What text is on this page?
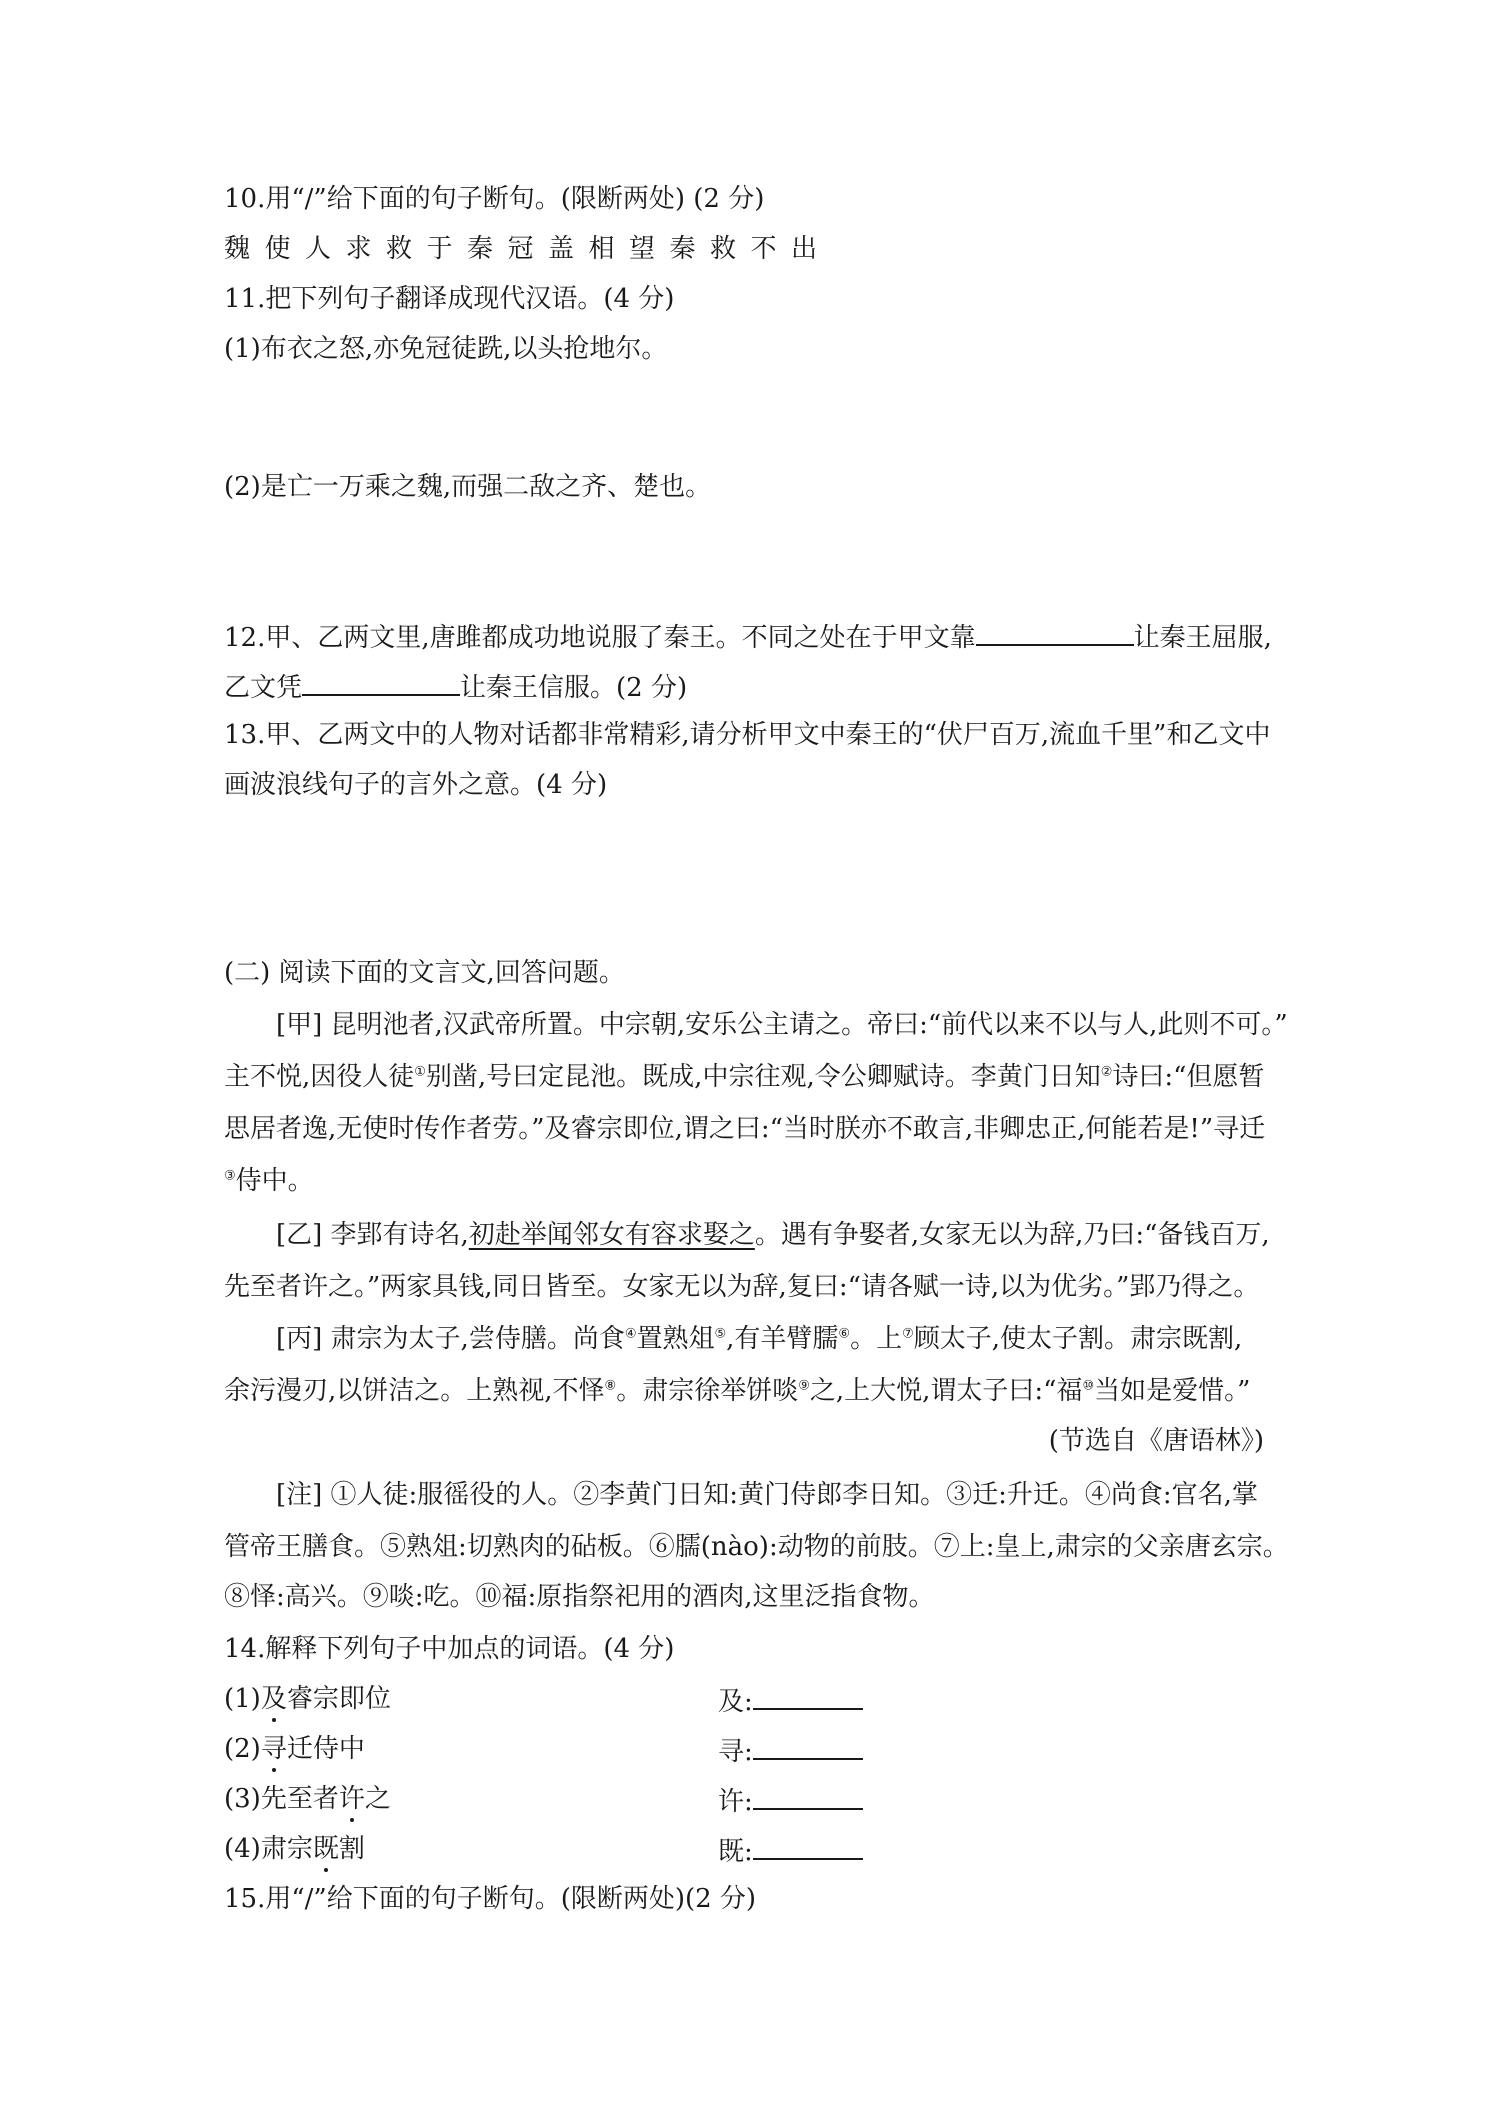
10.用“/”给下面的句子断句。(限断两处) (2 分)
魏使人求救于秦冠盖相望秦救不出
11.把下列句子翻译成现代汉语。(4 分)
(1)布衣之怒,亦免冠徒跣,以头抢地尔。
(2)是亡一万乘之魏,而强二敌之齐、楚也。
12.甲、乙两文里,唐雎都成功地说服了秦王。不同之处在于甲文靠	让秦王屈服,
乙文凭	让秦王信服。(2 分)
13.甲、乙两文中的人物对话都非常精彩,请分析甲文中秦王的“伏尸百万,流血千里”和乙文中
画波浪线句子的言外之意。(4 分)
(二) 阅读下面的文言文,回答问题。
[甲] 昆明池者,汉武帝所置。中宗朝,安乐公主请之。帝曰:“前代以来不以与人,此则不可。”
主不悦,因役人徒①别凿,号曰定昆池。既成,中宗往观,令公卿赋诗。李黄门日知②诗曰:“但愿暂
思居者逸,无使时传作者劳。”及睿宗即位,谓之曰:“当时朕亦不敢言,非卿忠正,何能若是!”寻迁
③侍中。
[乙] 李郢有诗名,初赴举闻邻女有容求娶之。遇有争娶者,女家无以为辞,乃曰:“备钱百万,
先至者许之。”两家具钱,同日皆至。女家无以为辞,复曰:“请各赋一诗,以为优劣。”郢乃得之。
[丙] 肃宗为太子,尝侍膳。尚食④置熟俎⑤,有羊臂臑⑥。上⑦顾太子,使太子割。肃宗既割,
余污漫刃,以饼洁之。上熟视,不怿⑧。肃宗徐举饼啖⑨之,上大悦,谓太子曰:“福⑩当如是爱惜。”
(节选自《唐语林》)
[注] ①人徒:服徭役的人。②李黄门日知:黄门侍郎李日知。③迁:升迁。④尚食:官名,掌
管帝王膳食。⑤熟俎:切熟肉的砧板。⑥臑(nào):动物的前肢。⑦上:皇上,肃宗的父亲唐玄宗。
⑧怿:高兴。⑨啖:吃。⑩福:原指祭祀用的酒肉,这里泛指食物。
14.解释下列句子中加点的词语。(4 分)
(1)及睿宗即位	及:
(2)寻迁侍中	寻:
(3)先至者许之	许:
(4)肃宗既割	既:
15.用“/”给下面的句子断句。(限断两处)(2 分)
